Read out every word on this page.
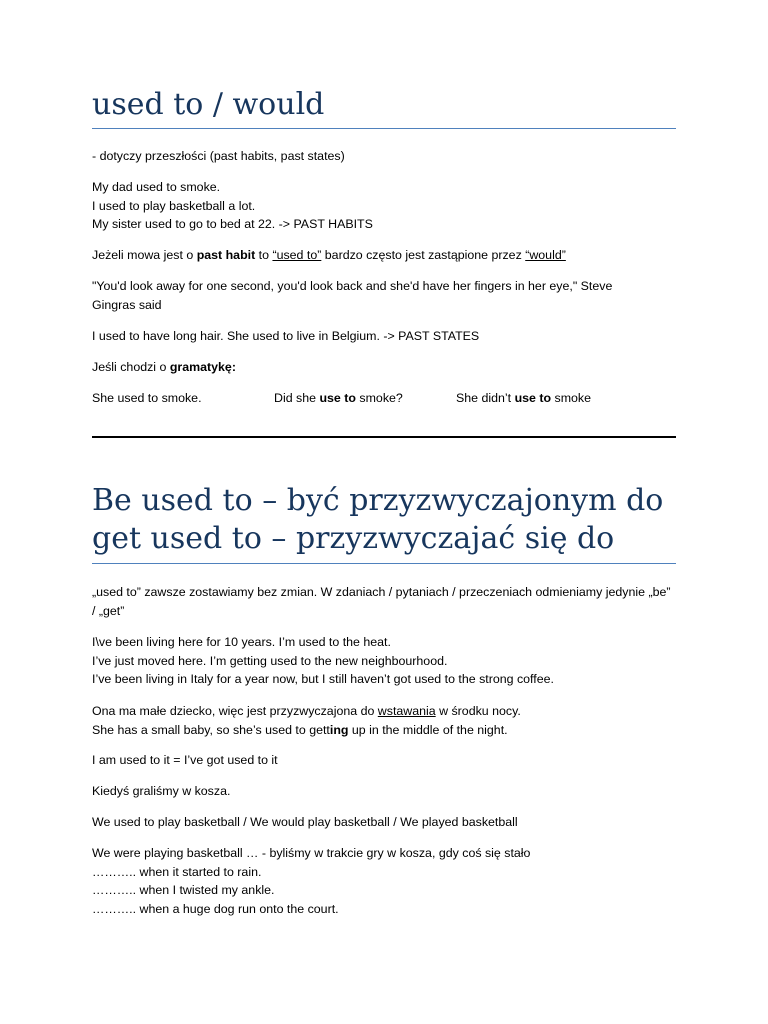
used to / would

- dotyczy przeszłości (past habits, past states)

My dad used to smoke.
I used to play basketball a lot.
My sister used to go to bed at 22. -> PAST HABITS

Jeżeli mowa jest o past habit to “used to” bardzo często jest zastąpione przez “would”

"You'd look away for one second, you'd look back and she'd have her fingers in her eye," Steve Gingras said

I used to have long hair. She used to live in Belgium. -> PAST STATES

Jeśli chodzi o gramatykę:

She used to smoke.	Did she use to smoke?	She didn’t use to smoke
Be used to – być przyzwyczajonym do
get used to – przyzwyczajać się do

„used to” zawsze zostawiamy bez zmian. W zdaniach / pytaniach / przeczeniach odmieniamy jedynie „be” / „get”

I\ve been living here for 10 years. I’m used to the heat.
I’ve just moved here. I’m getting used to the new neighbourhood.
I’ve been living in Italy for a year now, but I still haven’t got used to the strong coffee.

Ona ma małe dziecko, więc jest przyzwyczajona do wstawania w środku nocy.
She has a small baby, so she’s used to getting up in the middle of the night.

I am used to it = I’ve got used to it

Kiedyś graliśmy w kosza.

We used to play basketball / We would play basketball / We played basketball

We were playing basketball … - byliśmy w trakcie gry w kosza, gdy coś się stało
……….. when it started to rain.
……….. when I twisted my ankle.
……….. when a huge dog run onto the court.
